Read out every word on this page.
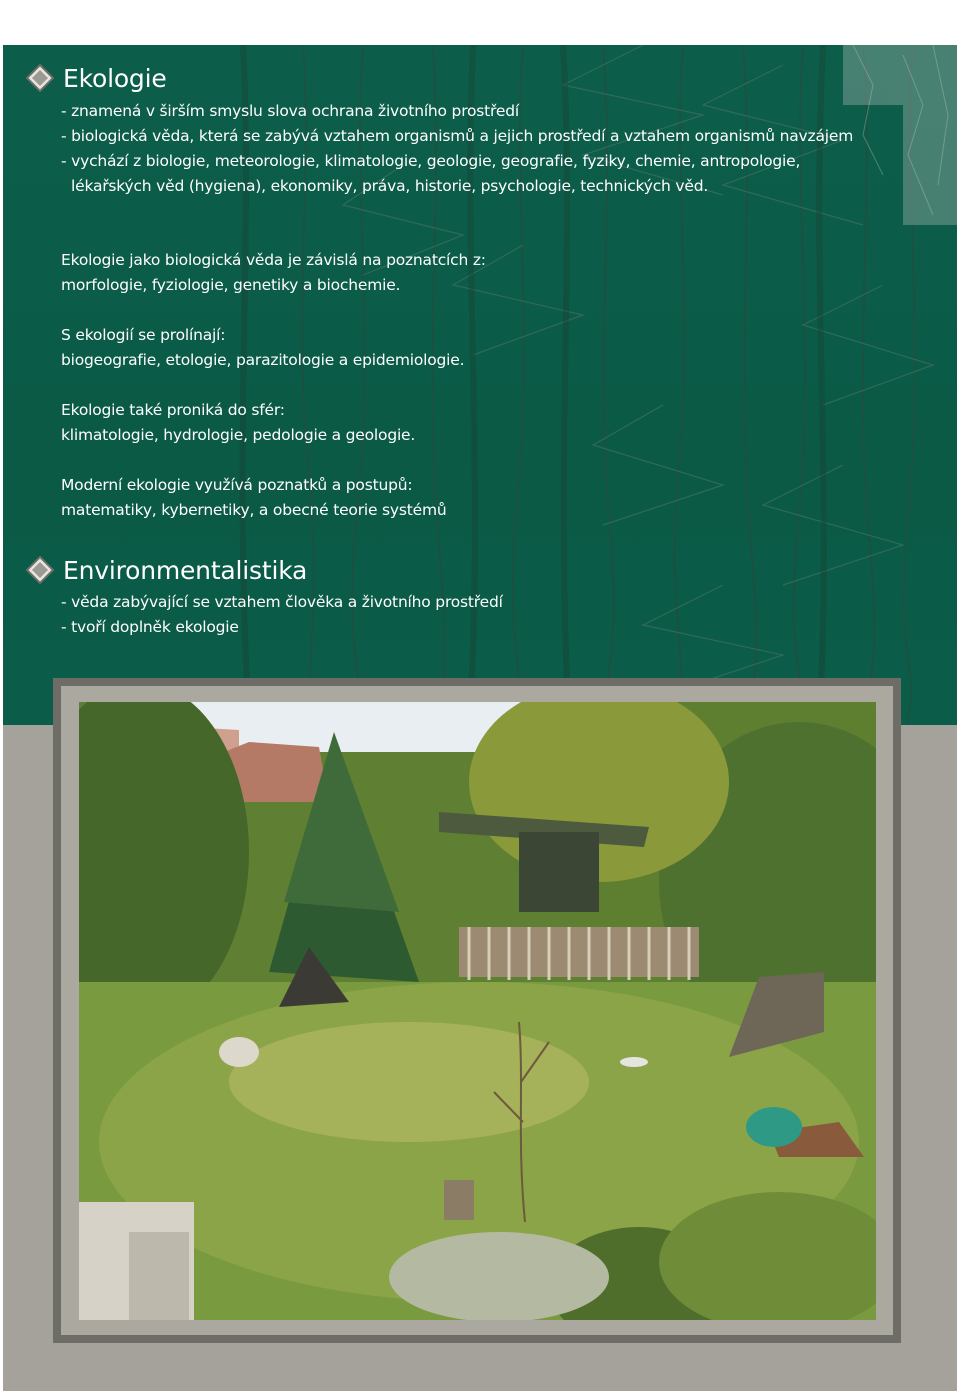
Ekologie
- znamená v širším smyslu slova ochrana životního prostředí
- biologická věda, která se zabývá vztahem organismů a jejich prostředí a vztahem organismů navzájem
- vychází z biologie, meteorologie, klimatologie, geologie, geografie, fyziky, chemie, antropologie,
lékařských věd (hygiena), ekonomiky, práva, historie, psychologie, technických věd.
Ekologie jako biologická věda je závislá na poznatcích z:
morfologie, fyziologie, genetiky a biochemie.
S ekologií se prolínají:
biogeografie, etologie, parazitologie a epidemiologie.
Ekologie také proniká do sfér:
klimatologie, hydrologie, pedologie a geologie.
Moderní ekologie využívá poznatků a postupů:
matematiky, kybernetiky, a obecné teorie systémů
Environmentalistika
- věda zabývající se vztahem člověka a životního prostředí
- tvoří doplněk ekologie
